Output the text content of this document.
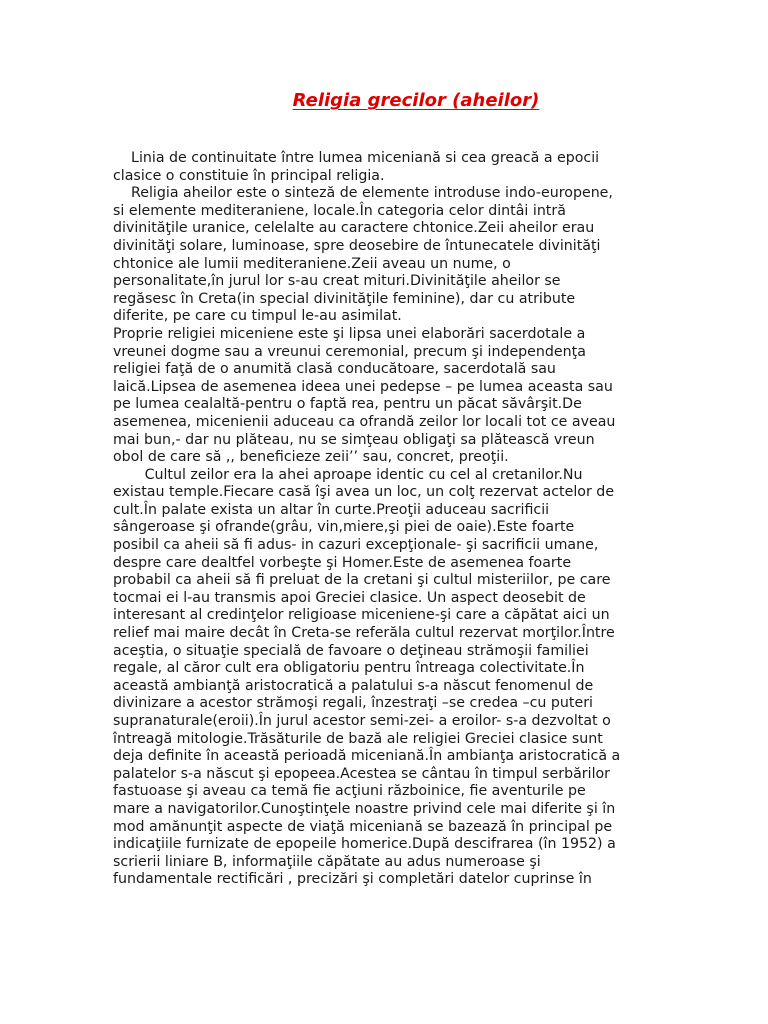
Religia grecilor (aheilor)
Linia de continuitate între lumea miceniană si cea greacă a epocii
clasice o constituie în principal religia.
Religia aheilor este o sinteză de elemente introduse indo-europene,
si elemente mediteraniene, locale.În categoria celor dintâi intră
divinităţile uranice, celelalte au caractere chtonice.Zeii aheilor erau
divinităţi solare, luminoase, spre deosebire de întunecatele divinităţi
chtonice ale lumii mediteraniene.Zeii aveau un nume, o
personalitate,în jurul lor s-au creat mituri.Divinităţile aheilor se
regăsesc în Creta(in special divinităţile feminine), dar cu atribute
diferite, pe care cu timpul le-au asimilat.
Proprie religiei miceniene este şi lipsa unei elaborări sacerdotale a
vreunei dogme sau a vreunui ceremonial, precum şi independenţa
religiei faţă de o anumită clasă conducătoare, sacerdotală sau
laică.Lipsea de asemenea ideea unei pedepse – pe lumea aceasta sau
pe lumea cealaltă-pentru o faptă rea, pentru un păcat săvârşit.De
asemenea, micenienii aduceau ca ofrandă zeilor lor locali tot ce aveau
mai bun,- dar nu plăteau, nu se simţeau obligaţi sa plătească vreun
obol de care să ,, beneficieze zeii’’ sau, concret, preoţii.
Cultul zeilor era la ahei aproape identic cu cel al cretanilor.Nu
existau temple.Fiecare casă îşi avea un loc, un colţ rezervat actelor de
cult.În palate exista un altar în curte.Preoţii aduceau sacrificii
sângeroase şi ofrande(grâu, vin,miere,şi piei de oaie).Este foarte
posibil ca aheii să fi adus- in cazuri excepţionale- şi sacrificii umane,
despre care dealtfel vorbeşte şi Homer.Este de asemenea foarte
probabil ca aheii să fi preluat de la cretani şi cultul misteriilor, pe care
tocmai ei l-au transmis apoi Greciei clasice. Un aspect deosebit de
interesant al credinţelor religioase miceniene-şi care a căpătat aici un
relief mai maire decât în Creta-se referăla cultul rezervat morţilor.Între
aceştia, o situaţie specială de favoare o deţineau strămoşii familiei
regale, al căror cult era obligatoriu pentru întreaga colectivitate.În
această ambianţă aristocratică a palatului s-a născut fenomenul de
divinizare a acestor strămoşi regali, înzestraţi –se credea –cu puteri
supranaturale(eroii).În jurul acestor semi-zei- a eroilor- s-a dezvoltat o
întreagă mitologie.Trăsăturile de bază ale religiei Greciei clasice sunt
deja definite în această perioadă miceniană.În ambianţa aristocratică a
palatelor s-a născut şi epopeea.Acestea se cântau în timpul serbărilor
fastuoase şi aveau ca temă fie acţiuni războinice, fie aventurile pe
mare a navigatorilor.Cunoştinţele noastre privind cele mai diferite şi în
mod amănunţit aspecte de viaţă miceniană se bazează în principal pe
indicaţiile furnizate de epopeile homerice.După descifrarea (în 1952) a
scrierii liniare B, informaţiile căpătate au adus numeroase şi
fundamentale rectificări , precizări şi completări datelor cuprinse în
